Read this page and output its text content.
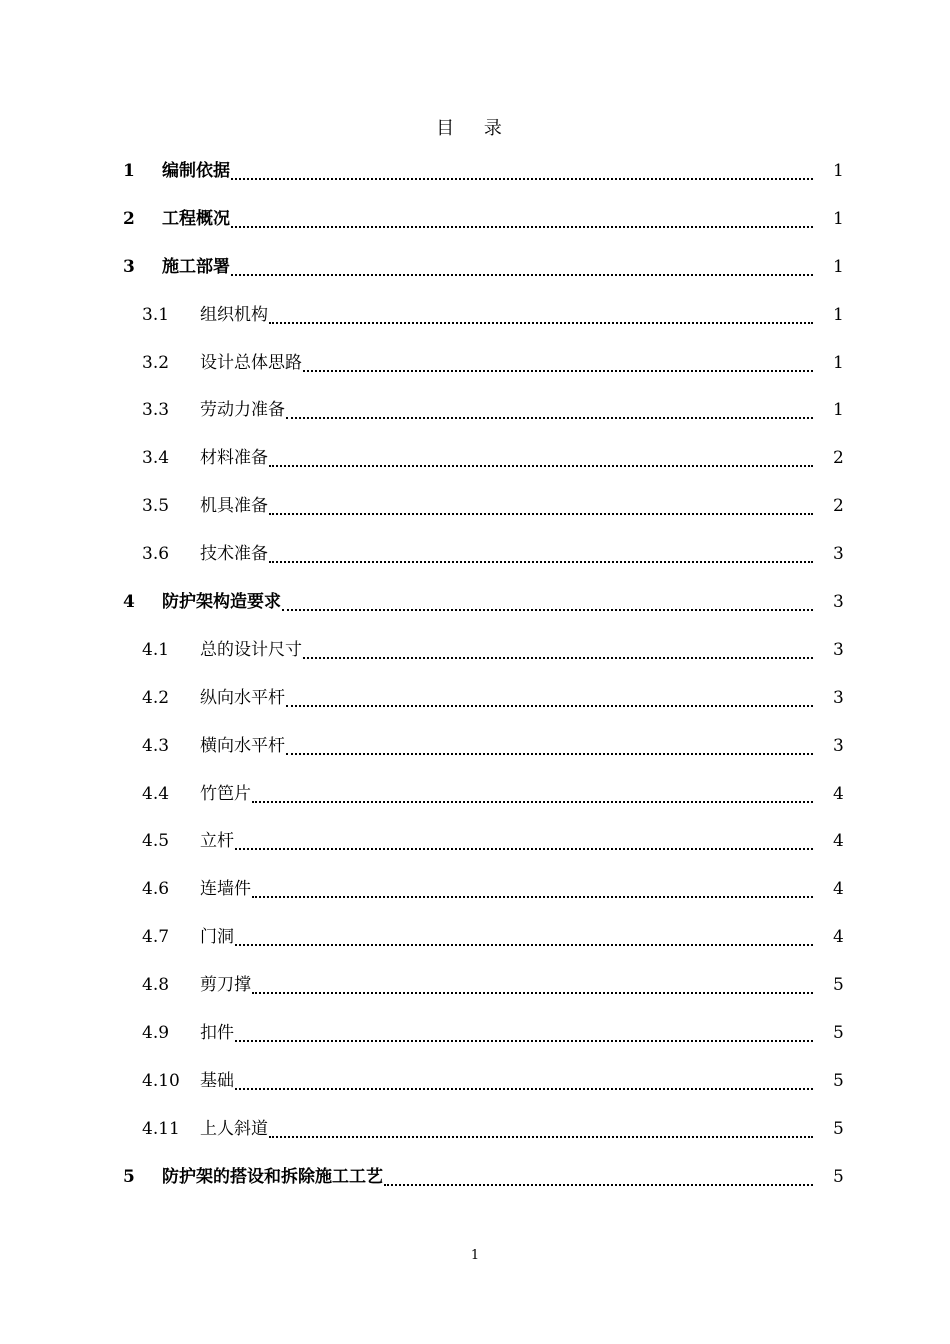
目 录
1	编制依据	1
2	工程概况	1
3	施工部署	1
3.1	组织机构	1
3.2	设计总体思路	1
3.3	劳动力准备	1
3.4	材料准备	2
3.5	机具准备	2
3.6	技术准备	3
4	防护架构造要求	3
4.1	总的设计尺寸	3
4.2	纵向水平杆	3
4.3	横向水平杆	3
4.4	竹笆片	4
4.5	立杆	4
4.6	连墙件	4
4.7	门洞	4
4.8	剪刀撑	5
4.9	扣件	5
4.10	基础	5
4.11	上人斜道	5
5	防护架的搭设和拆除施工工艺	5
1
